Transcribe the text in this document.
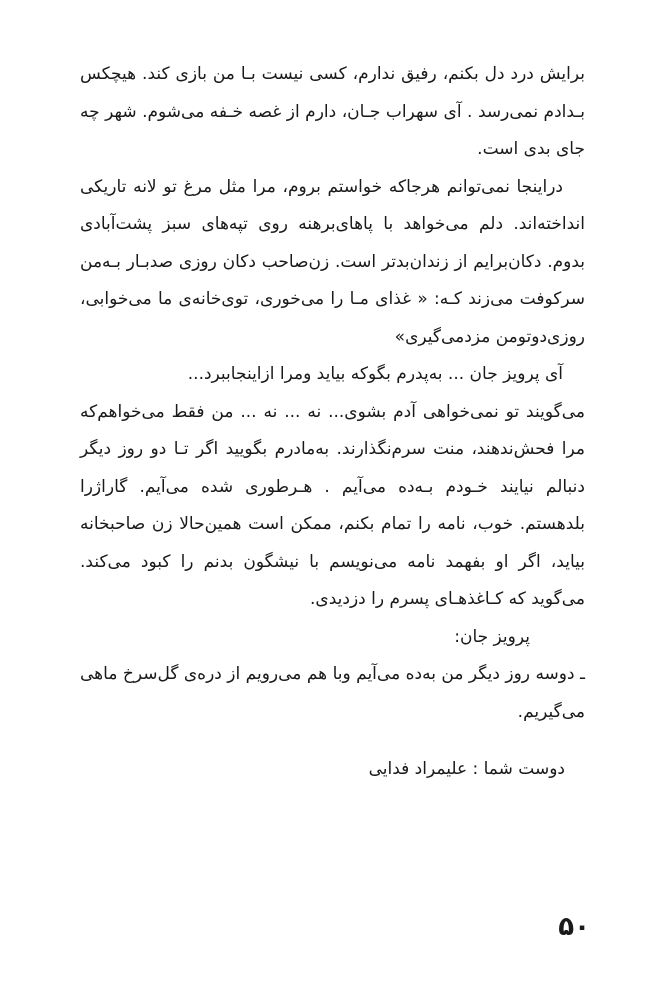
برایش درد دل بکنم، رفیق ندارم، کسی نیست بـا من بازی کند. هیچکس بـدادم نمی‌رسد . آی سهراب جـان، دارم از غصه خـفه می‌شوم. شهر چه جای بدی است.

دراینجا نمی‌توانم هرجاکه خواستم بروم، مرا مثل مرغ تو لانه تاریکی انداخته‌اند. دلم می‌خواهد با پاهای‌برهنه روی تپه‌های سبز پشت‌آبادی بدوم. دکان‌برایم از زندان‌بدتر است. زن‌صاحب دکان روزی صدبـار بـه‌من سرکوفت می‌زند کـه: « غذای مـا را می‌خوری، توی‌خانه‌ی ما می‌خوابی، روزی‌دوتومن مزدمی‌گیری»

آی پرویز جان ... به‌پدرم بگوکه بیاید ومرا ازاینجاببرد...

می‌گویند تو نمی‌خواهی آدم بشوی... نه ... نه ... من فقط می‌خواهم‌که مرا فحش‌ندهند، منت سرم‌نگذارند. به‌مادرم بگویید اگر تـا دو روز دیگر دنبالم نیایند خـودم بـه‌ده می‌آیم . هـرطوری شده می‌آیم. گاراژرا بلدهستم. خوب، نامه را تمام بکنم، ممکن است همین‌حالا زن صاحبخانه بیاید، اگر او بفهمد نامه می‌نویسم با نیشگون بدنم را کبود می‌کند. می‌گوید که کـاغذهـای پسرم را دزدیدی.

پرویز جان:

ـ دوسه روز دیگر من به‌ده می‌آیم وبا هم می‌رویم از دره‌ی گل‌سرخ ماهی می‌گیریم.

دوست شما : علیمراد فدایی

۵۰
